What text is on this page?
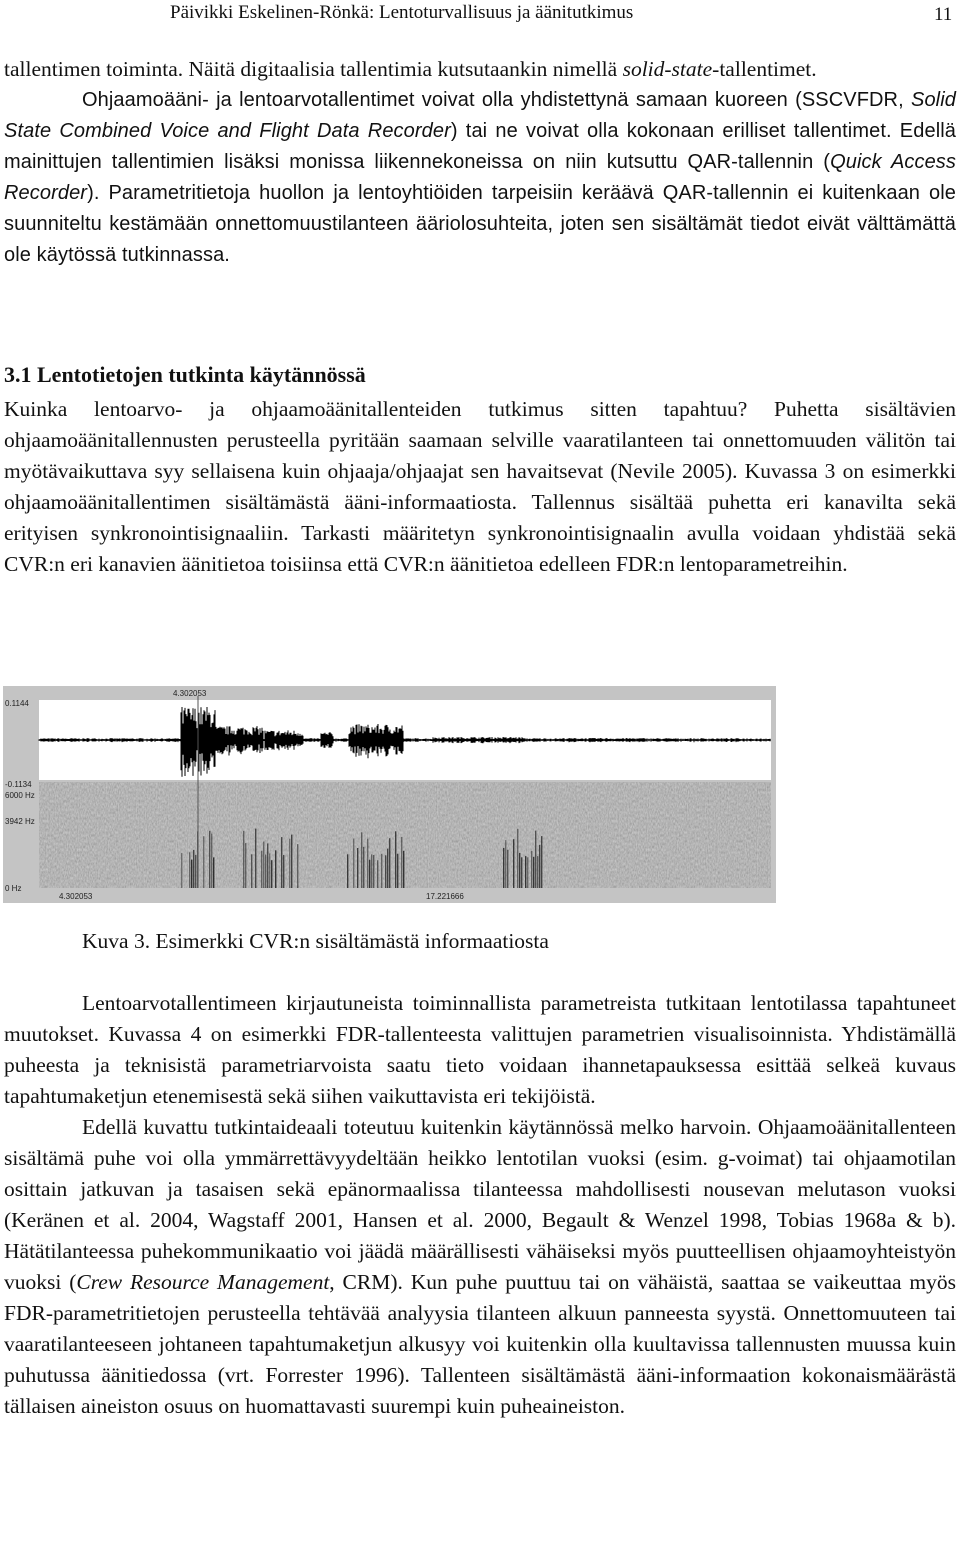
Päivikki Eskelinen-Rönkä: Lentoturvallisuus ja äänitutkimus	11

tallentimen toiminta. Näitä digitaalisia tallentimia kutsutaankin nimellä solid-state-tallentimet.

Ohjaamoääni- ja lentoarvotallentimet voivat olla yhdistettynä samaan kuoreen (SSCVFDR, Solid State Combined Voice and Flight Data Recorder) tai ne voivat olla kokonaan erilliset tallentimet. Edellä mainittujen tallentimien lisäksi monissa liikennekoneissa on niin kutsuttu QAR-tallennin (Quick Access Recorder). Parametritietoja huollon ja lentoyhtiöiden tarpeisiin keräävä QAR-tallennin ei kuitenkaan ole suunniteltu kestämään onnettomuustilanteen ääriolosuhteita, joten sen sisältämät tiedot eivät välttämättä ole käytössä tutkinnassa.

3.1 Lentotietojen tutkinta käytännössä

Kuinka lentoarvo- ja ohjaamoäänitallenteiden tutkimus sitten tapahtuu? Puhetta sisältävien ohjaamoäänitallennusten perusteella pyritään saamaan selville vaaratilanteen tai onnettomuuden välitön tai myötävaikuttava syy sellaisena kuin ohjaaja/ohjaajat sen havaitsevat (Nevile 2005). Kuvassa 3 on esimerkki ohjaamoäänitallentimen sisältämästä ääni-informaatiosta. Tallennus sisältää puhetta eri kanavilta sekä erityisen synkronointisignaaliin. Tarkasti määritetyn synkronointisignaalin avulla voidaan yhdistää sekä CVR:n eri kanavien äänitietoa toisiinsa että CVR:n äänitietoa edelleen FDR:n lentoparametreihin.

4.302053
0.1144
-0.1134
6000 Hz
3942 Hz
0 Hz
4.302053	17.221666
Kuva 3. Esimerkki CVR:n sisältämästä informaatiosta

Lentoarvotallentimeen kirjautuneista toiminnallista parametreista tutkitaan lentotilassa tapahtuneet muutokset. Kuvassa 4 on esimerkki FDR-tallenteesta valittujen parametrien visualisoinnista. Yhdistämällä puheesta ja teknisistä parametriarvoista saatu tieto voidaan ihannetapauksessa esittää selkeä kuvaus tapahtumaketjun etenemisestä sekä siihen vaikuttavista eri tekijöistä.

Edellä kuvattu tutkintaideaali toteutuu kuitenkin käytännössä melko harvoin. Ohjaamoäänitallenteen sisältämä puhe voi olla ymmärrettävyydeltään heikko lentotilan vuoksi (esim. g-voimat) tai ohjaamotilan osittain jatkuvan ja tasaisen sekä epänormaalissa tilanteessa mahdollisesti nousevan melutason vuoksi (Keränen et al. 2004, Wagstaff 2001, Hansen et al. 2000, Begault & Wenzel 1998, Tobias 1968a & b). Hätätilanteessa puhekommunikaatio voi jäädä määrällisesti vähäiseksi myös puutteellisen ohjaamoyhteistyön vuoksi (Crew Resource Management, CRM). Kun puhe puuttuu tai on vähäistä, saattaa se vaikeuttaa myös FDR-parametritietojen perusteella tehtävää analyysia tilanteen alkuun panneesta syystä. Onnettomuuteen tai vaaratilanteeseen johtaneen tapahtumaketjun alkusyy voi kuitenkin olla kuultavissa tallennusten muussa kuin puhutussa äänitiedossa (vrt. Forrester 1996). Tallenteen sisältämästä ääni-informaation kokonaismäärästä tällaisen aineiston osuus on huomattavasti suurempi kuin puheaineiston.
